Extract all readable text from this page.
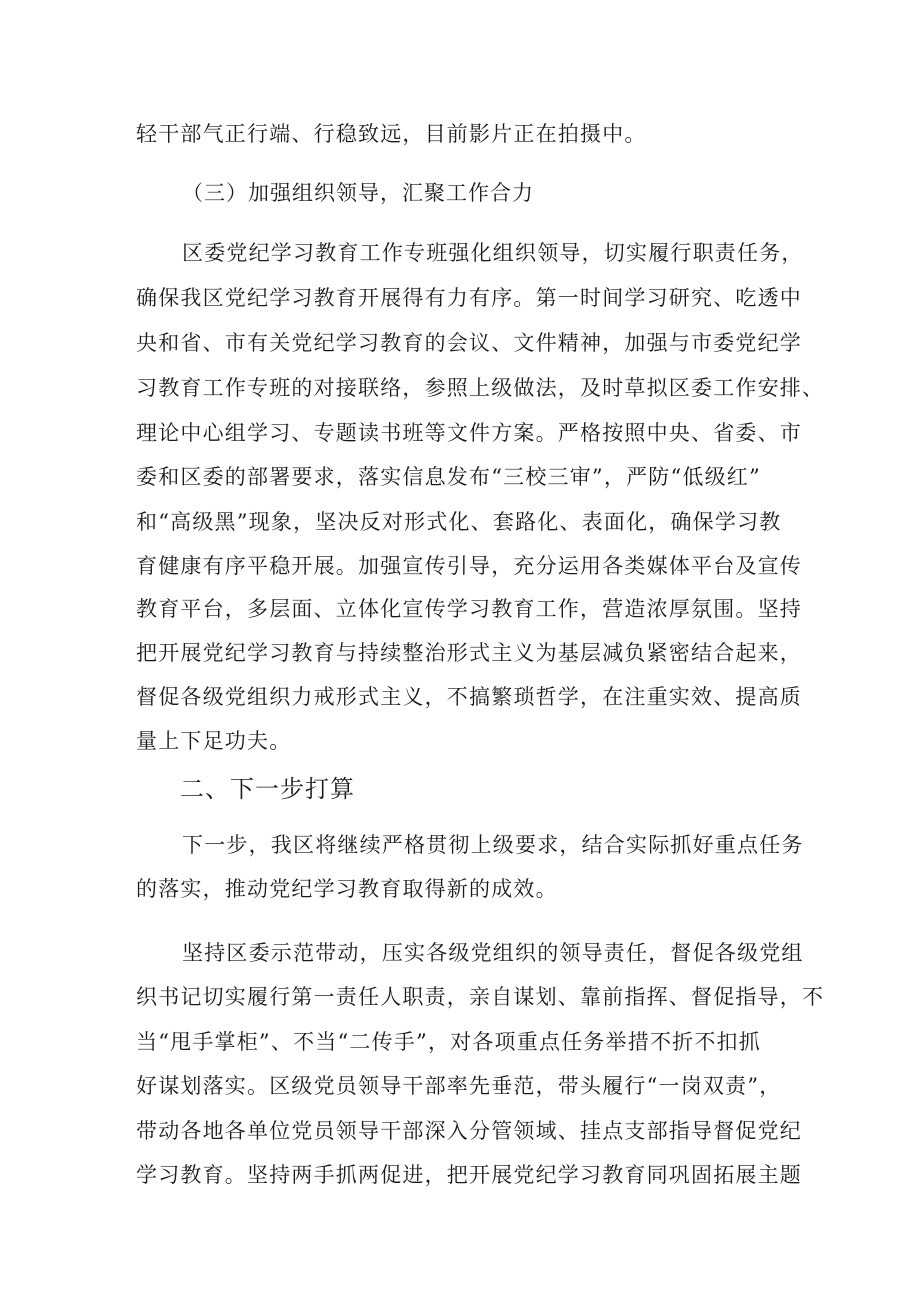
轻干部气正行端、行稳致远，目前影片正在拍摄中。
（三）加强组织领导，汇聚工作合力
区委党纪学习教育工作专班强化组织领导，切实履行职责任务，
确保我区党纪学习教育开展得有力有序。第一时间学习研究、吃透中
央和省、市有关党纪学习教育的会议、文件精神，加强与市委党纪学
习教育工作专班的对接联络，参照上级做法，及时草拟区委工作安排、
理论中心组学习、专题读书班等文件方案。严格按照中央、省委、市
委和区委的部署要求，落实信息发布“三校三审”，严防“低级红”
和“高级黑”现象，坚决反对形式化、套路化、表面化，确保学习教
育健康有序平稳开展。加强宣传引导，充分运用各类媒体平台及宣传
教育平台，多层面、立体化宣传学习教育工作，营造浓厚氛围。坚持
把开展党纪学习教育与持续整治形式主义为基层减负紧密结合起来，
督促各级党组织力戒形式主义，不搞繁琐哲学，在注重实效、提高质
量上下足功夫。
二、下一步打算
下一步，我区将继续严格贯彻上级要求，结合实际抓好重点任务
的落实，推动党纪学习教育取得新的成效。
坚持区委示范带动，压实各级党组织的领导责任，督促各级党组
织书记切实履行第一责任人职责，亲自谋划、靠前指挥、督促指导，不
当“甩手掌柜”、不当“二传手”，对各项重点任务举措不折不扣抓
好谋划落实。区级党员领导干部率先垂范，带头履行“一岗双责”，
带动各地各单位党员领导干部深入分管领域、挂点支部指导督促党纪
学习教育。坚持两手抓两促进，把开展党纪学习教育同巩固拓展主题
